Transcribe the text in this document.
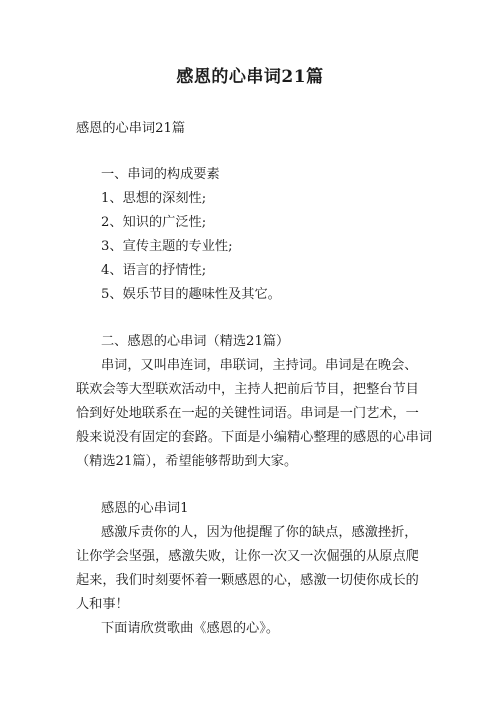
感恩的心串词21篇

感恩的心串词21篇

一、串词的构成要素

1、思想的深刻性;

2、知识的广泛性;

3、宣传主题的专业性;

4、语言的抒情性;

5、娱乐节目的趣味性及其它。

二、感恩的心串词（精选21篇）

串词，又叫串连词，串联词，主持词。串词是在晚会、

联欢会等大型联欢活动中，主持人把前后节目，把整台节目

恰到好处地联系在一起的关键性词语。串词是一门艺术，一

般来说没有固定的套路。下面是小编精心整理的感恩的心串词

（精选21篇），希望能够帮助到大家。

感恩的心串词1

感激斥责你的人，因为他提醒了你的缺点，感激挫折，

让你学会坚强，感激失败，让你一次又一次倔强的从原点爬

起来，我们时刻要怀着一颗感恩的心，感激一切使你成长的

人和事！

下面请欣赏歌曲《感恩的心》。
